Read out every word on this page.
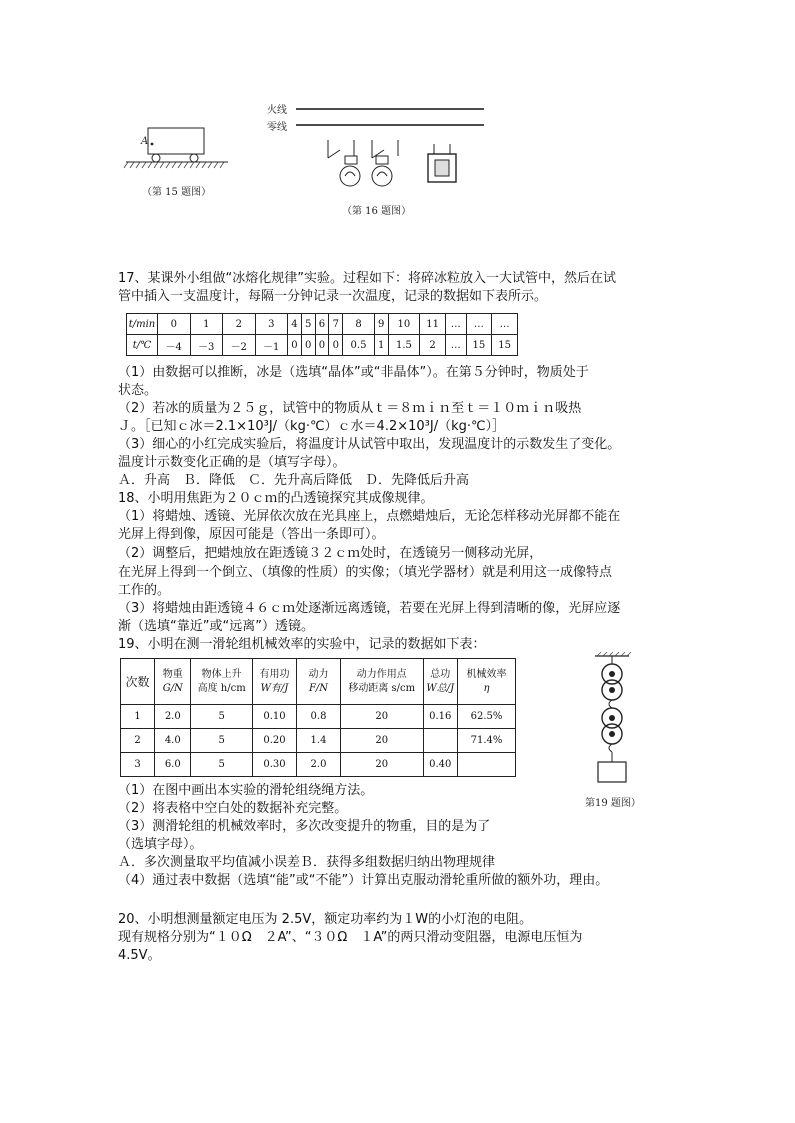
A
（第 15 题图）
火线
零线
（第 16 题图）
17、某课外小组做“冰熔化规律”实验。过程如下：将碎冰粒放入一大试管中，然后在试
管中插入一支温度计，每隔一分钟记录一次温度，记录的数据如下表所示。
t/min	0	1	2	3	4	5	6	7	8	9	10	11	…	…	…
t/℃	－4	－3	－2	－1	0	0	0	0	0.5	1	1.5	2	…	15	15
（1）由数据可以推断，冰是（选填“晶体”或“非晶体”）。在第５分钟时，物质处于
状态。
（2）若冰的质量为２５ｇ，试管中的物质从ｔ＝８ｍｉｎ至ｔ＝１０ｍｉｎ吸热
Ｊ。［已知ｃ冰＝2.1×10³J/（kg·℃）ｃ水＝4.2×10³J/（kg·℃）］
（3）细心的小红完成实验后，将温度计从试管中取出，发现温度计的示数发生了变化。
温度计示数变化正确的是（填写字母）。
Ａ．升高　Ｂ．降低　Ｃ．先升高后降低　Ｄ．先降低后升高
18、小明用焦距为２０ｃｍ的凸透镜探究其成像规律。
（1）将蜡烛、透镜、光屏依次放在光具座上，点燃蜡烛后，无论怎样移动光屏都不能在
光屏上得到像，原因可能是（答出一条即可）。
（2）调整后，把蜡烛放在距透镜３２ｃｍ处时，在透镜另一侧移动光屏，
在光屏上得到一个倒立、（填像的性质）的实像；（填光学器材）就是利用这一成像特点
工作的。
（3）将蜡烛由距透镜４６ｃｍ处逐渐远离透镜，若要在光屏上得到清晰的像，光屏应逐
渐（选填“靠近”或“远离”）透镜。
19、小明在测一滑轮组机械效率的实验中，记录的数据如下表：
次数	物重
G/N	物体上升
高度 h/cm	有用功
W有/J	动力
F/N	动力作用点
移动距离 s/cm	总功
W总/J	机械效率
η
1	2.0	5	0.10	0.8	20	0.16	62.5%
2	4.0	5	0.20	1.4	20		71.4%
3	6.0	5	0.30	2.0	20	0.40	
第19 题图）
（1）在图中画出本实验的滑轮组绕绳方法。
（2）将表格中空白处的数据补充完整。
（3）测滑轮组的机械效率时，多次改变提升的物重，目的是为了
（选填字母）。
Ａ．多次测量取平均值减小误差Ｂ．获得多组数据归纳出物理规律
（4）通过表中数据（选填“能”或“不能”）计算出克服动滑轮重所做的额外功，理由。
20、小明想测量额定电压为 2.5V，额定功率约为１W的小灯泡的电阻。
现有规格分别为“１０Ω　２A”、“３０Ω　１A”的两只滑动变阻器，电源电压恒为
4.5V。
